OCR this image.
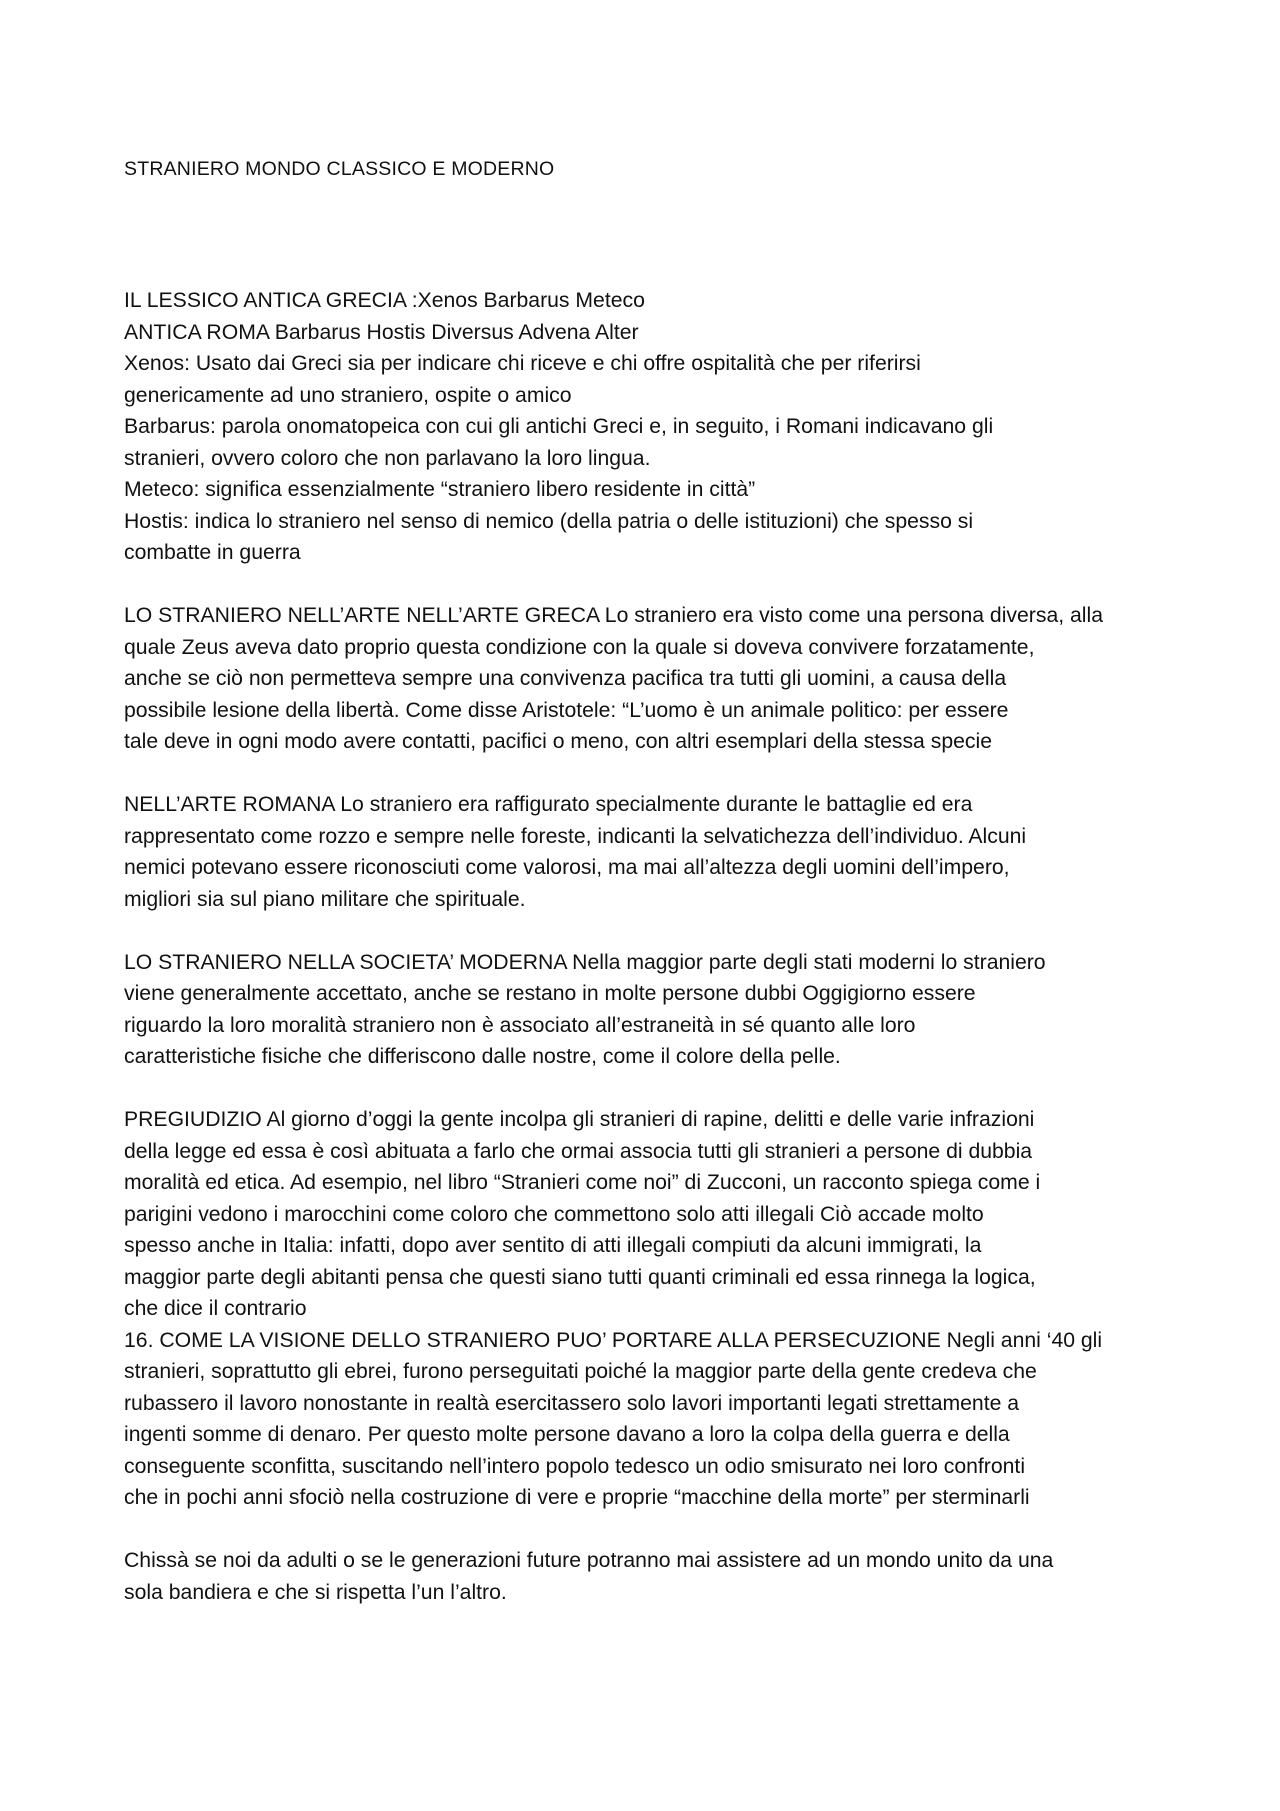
STRANIERO MONDO CLASSICO E MODERNO
IL LESSICO ANTICA GRECIA :Xenos Barbarus Meteco
ANTICA ROMA Barbarus Hostis Diversus Advena Alter
Xenos: Usato dai Greci sia per indicare chi riceve e chi offre ospitalità che per riferirsi
genericamente ad uno straniero, ospite o amico
Barbarus: parola onomatopeica con cui gli antichi Greci e, in seguito, i Romani indicavano gli
stranieri, ovvero coloro che non parlavano la loro lingua.
Meteco: significa essenzialmente “straniero libero residente in città”
Hostis: indica lo straniero nel senso di nemico (della patria o delle istituzioni) che spesso si
combatte in guerra
LO STRANIERO NELL’ARTE NELL’ARTE GRECA Lo straniero era visto come una persona diversa, alla
quale Zeus aveva dato proprio questa condizione con la quale si doveva convivere forzatamente,
anche se ciò non permetteva sempre una convivenza pacifica tra tutti gli uomini, a causa della
possibile lesione della libertà. Come disse Aristotele: “L’uomo è un animale politico: per essere
tale deve in ogni modo avere contatti, pacifici o meno, con altri esemplari della stessa specie
NELL’ARTE ROMANA Lo straniero era raffigurato specialmente durante le battaglie ed era
rappresentato come rozzo e sempre nelle foreste, indicanti la selvatichezza dell’individuo. Alcuni
nemici potevano essere riconosciuti come valorosi, ma mai all’altezza degli uomini dell’impero,
migliori sia sul piano militare che spirituale.
LO STRANIERO NELLA SOCIETA’ MODERNA Nella maggior parte degli stati moderni lo straniero
viene generalmente accettato, anche se restano in molte persone dubbi Oggigiorno essere
riguardo la loro moralità straniero non è associato all’estraneità in sé quanto alle loro
caratteristiche fisiche che differiscono dalle nostre, come il colore della pelle.
PREGIUDIZIO Al giorno d’oggi la gente incolpa gli stranieri di rapine, delitti e delle varie infrazioni
della legge ed essa è così abituata a farlo che ormai associa tutti gli stranieri a persone di dubbia
moralità ed etica. Ad esempio, nel libro “Stranieri come noi” di Zucconi, un racconto spiega come i
parigini vedono i marocchini come coloro che commettono solo atti illegali Ciò accade molto
spesso anche in Italia: infatti, dopo aver sentito di atti illegali compiuti da alcuni immigrati, la
maggior parte degli abitanti pensa che questi siano tutti quanti criminali ed essa rinnega la logica,
che dice il contrario
16. COME LA VISIONE DELLO STRANIERO PUO’ PORTARE ALLA PERSECUZIONE Negli anni ‘40 gli
stranieri, soprattutto gli ebrei, furono perseguitati poiché la maggior parte della gente credeva che
rubassero il lavoro nonostante in realtà esercitassero solo lavori importanti legati strettamente a
ingenti somme di denaro. Per questo molte persone davano a loro la colpa della guerra e della
conseguente sconfitta, suscitando nell’intero popolo tedesco un odio smisurato nei loro confronti
che in pochi anni sfociò nella costruzione di vere e proprie “macchine della morte” per sterminarli
Chissà se noi da adulti o se le generazioni future potranno mai assistere ad un mondo unito da una
sola bandiera e che si rispetta l’un l’altro.
